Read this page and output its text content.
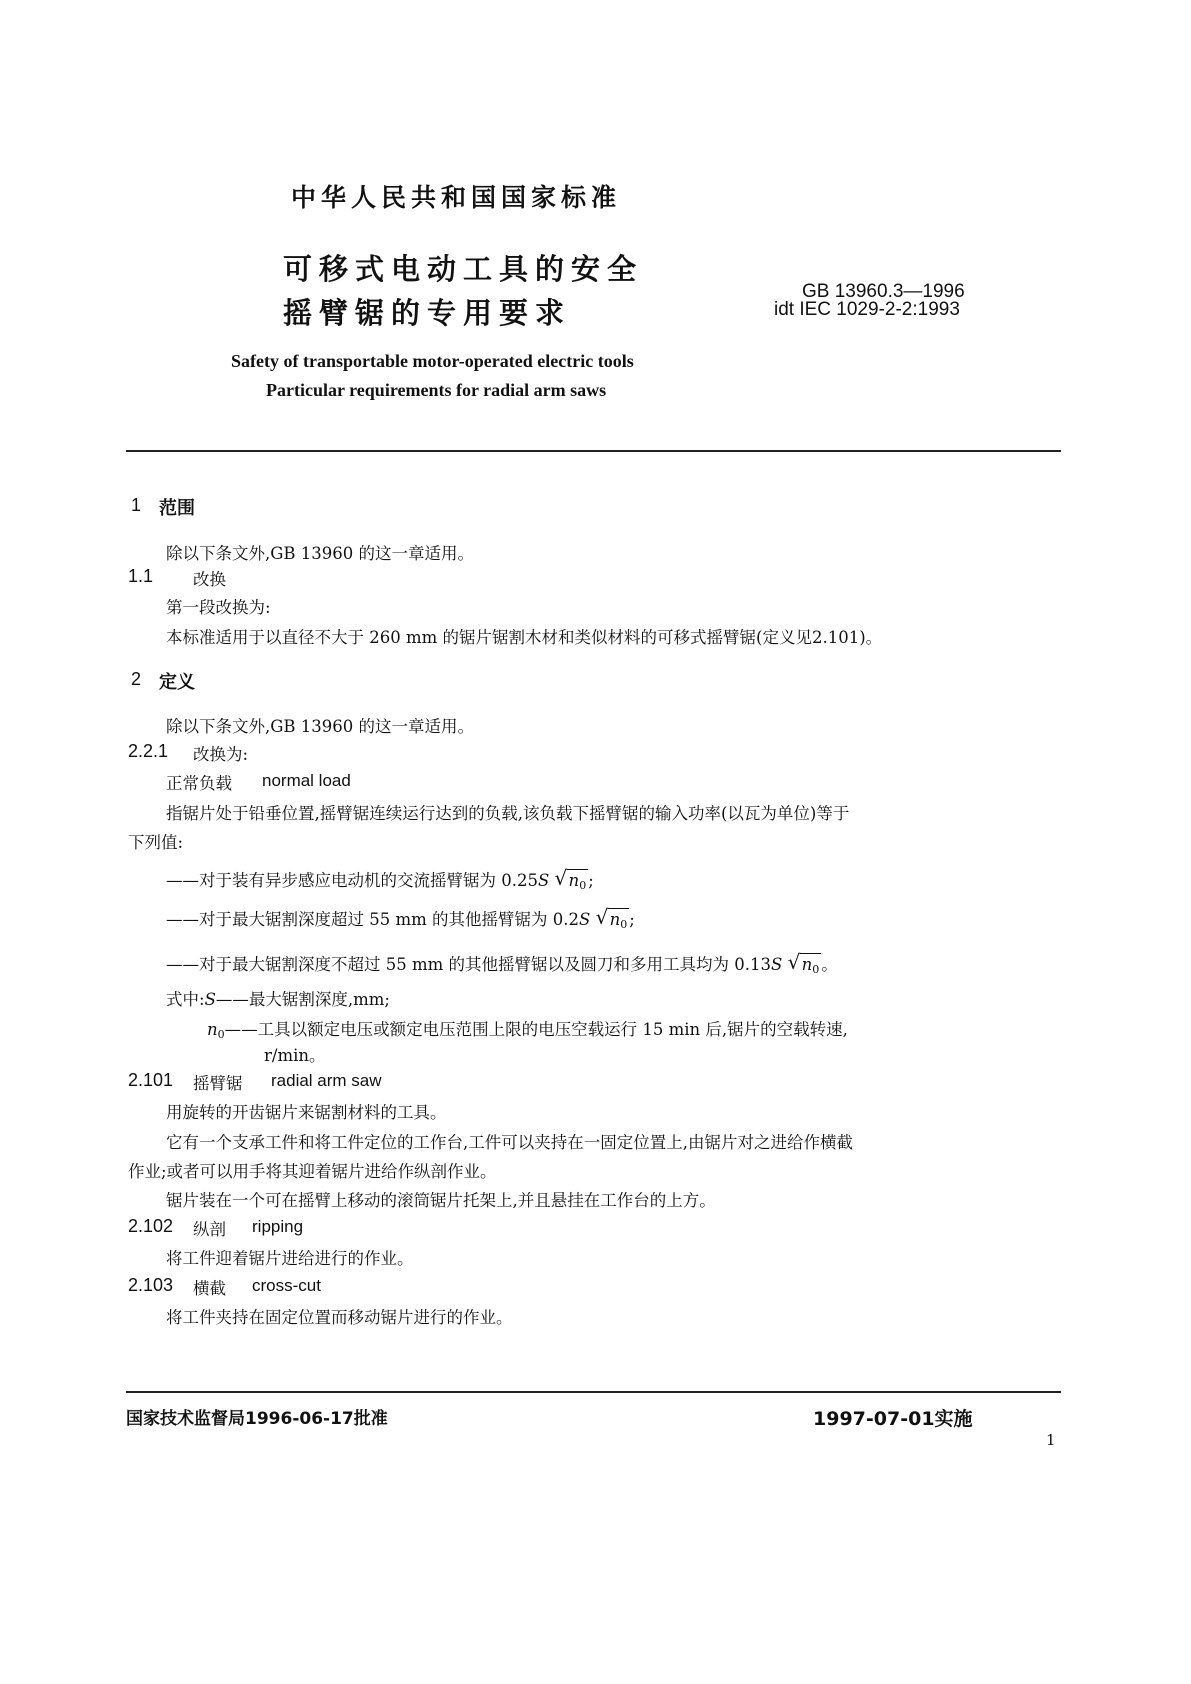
中华人民共和国国家标准
可移式电动工具的安全
摇臂锯的专用要求
GB 13960.3—1996
idt IEC 1029-2-2:1993
Safety of transportable motor-operated electric tools
Particular requirements for radial arm saws
1 范围
除以下条文外,GB 13960 的这一章适用。
1.1 改换
第一段改换为:
本标准适用于以直径不大于 260 mm 的锯片锯割木材和类似材料的可移式摇臂锯(定义见2.101)。
2 定义
除以下条文外,GB 13960 的这一章适用。
2.2.1 改换为:
正常负载 normal load
指锯片处于铅垂位置,摇臂锯连续运行达到的负载,该负载下摇臂锯的输入功率(以瓦为单位)等于
下列值:
——对于装有异步感应电动机的交流摇臂锯为 0.25S √ $n_0$ ;
——对于最大锯割深度超过 55 mm 的其他摇臂锯为 0.2S √ $n_0$ ;
——对于最大锯割深度不超过 55 mm 的其他摇臂锯以及圆刀和多用工具均为 0.13S √ $n_0$ 。
式中:S——最大锯割深度,mm;
$n_0——$工具以额定电压或额定电压范围上限的电压空载运行 15 min 后,锯片的空载转速,
r/min。
2.101 摇臂锯 radial arm saw
用旋转的开齿锯片来锯割材料的工具。
它有一个支承工件和将工件定位的工作台,工件可以夹持在一固定位置上,由锯片对之进给作横截
作业;或者可以用手将其迎着锯片进给作纵剖作业。
锯片装在一个可在摇臂上移动的滚筒锯片托架上,并且悬挂在工作台的上方。
2.102 纵剖 ripping
将工件迎着锯片进给进行的作业。
2.103 横截 cross-cut
将工件夹持在固定位置而移动锯片进行的作业。
国家技术监督局1996-06-17批准	1997-07-01实施
1
